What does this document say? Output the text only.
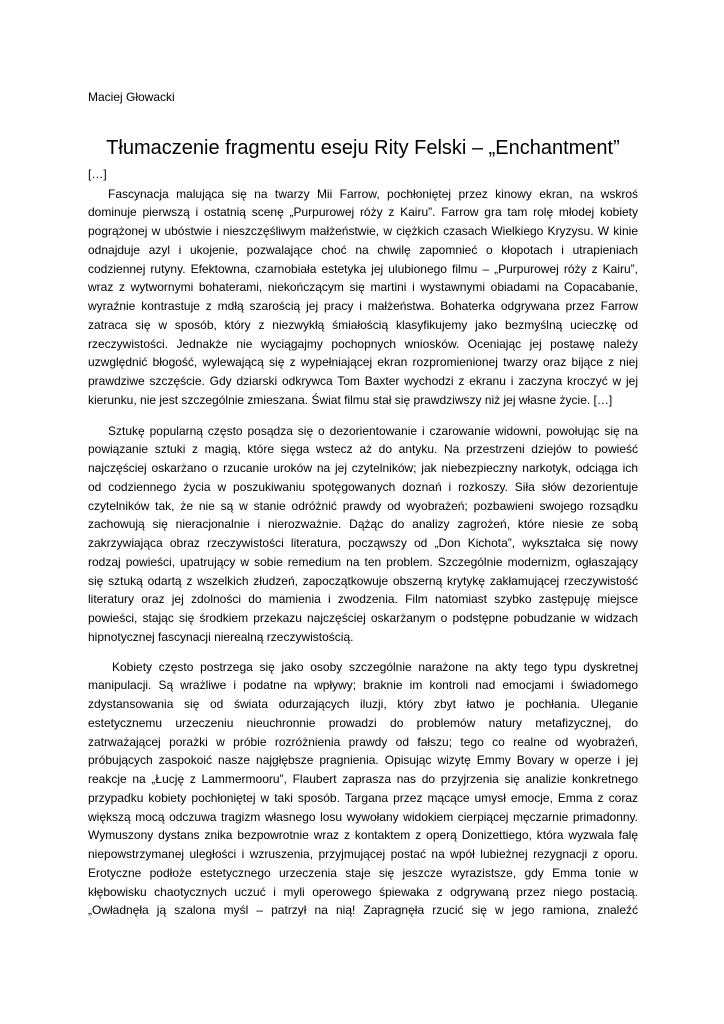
Maciej Głowacki

Tłumaczenie fragmentu eseju Rity Felski – „Enchantment”

[…]

Fascynacja malująca się na twarzy Mii Farrow, pochłoniętej przez kinowy ekran, na wskroś
dominuje pierwszą i ostatnią scenę „Purpurowej róży z Kairu”. Farrow gra tam rolę młodej kobiety
pogrążonej w ubóstwie i nieszczęśliwym małżeństwie, w ciężkich czasach Wielkiego Kryzysu. W kinie
odnajduje azyl i ukojenie, pozwalające choć na chwilę zapomnieć o kłopotach i utrapieniach
codziennej rutyny. Efektowna, czarnobiała estetyka jej ulubionego filmu – „Purpurowej róży z Kairu”,
wraz z wytwornymi bohaterami, niekończącym się martini i wystawnymi obiadami na Copacabanie,
wyraźnie kontrastuje z mdłą szarością jej pracy i małżeństwa. Bohaterka odgrywana przez Farrow
zatraca się w sposób, który z niezwykłą śmiałością klasyfikujemy jako bezmyślną ucieczkę od
rzeczywistości. Jednakże nie wyciągajmy pochopnych wniosków. Oceniając jej postawę należy
uzwględnić błogość, wylewającą się z wypełniającej ekran rozpromienionej twarzy oraz bijące z niej
prawdziwe szczęście. Gdy dziarski odkrywca Tom Baxter wychodzi z ekranu i zaczyna kroczyć w jej
kierunku, nie jest szczególnie zmieszana. Świat filmu stał się prawdziwszy niż jej własne życie. […]
Sztukę popularną często posądza się o dezorientowanie i czarowanie widowni, powołując się na
powiązanie sztuki z magią, które sięga wstecz aż do antyku. Na przestrzeni dziejów to powieść
najczęściej oskarżano o rzucanie uroków na jej czytelników; jak niebezpieczny narkotyk, odciąga ich
od codziennego życia w poszukiwaniu spotęgowanych doznań i rozkoszy. Siła słów dezorientuje
czytelników tak, że nie są w stanie odróżnić prawdy od wyobrażeń; pozbawieni swojego rozsądku
zachowują się nieracjonalnie i nierozważnie. Dążąc do analizy zagrożeń, które niesie ze sobą
zakrzywiająca obraz rzeczywistości literatura, począwszy od „Don Kichota”, wykształca się nowy
rodzaj powieści, upatrujący w sobie remedium na ten problem. Szczególnie modernizm, ogłaszający
się sztuką odartą z wszelkich złudzeń, zapoczątkowuje obszerną krytykę zakłamującej rzeczywistość
literatury oraz jej zdolności do mamienia i zwodzenia. Film natomiast szybko zastępuję miejsce
powieści, stając się środkiem przekazu najczęściej oskarżanym o podstępne pobudzanie w widzach
hipnotycznej fascynacji nierealną rzeczywistością.
Kobiety często postrzega się jako osoby szczególnie narażone na akty tego typu dyskretnej
manipulacji. Są wrażliwe i podatne na wpływy; braknie im kontroli nad emocjami i świadomego
zdystansowania się od świata odurzających iluzji, który zbyt łatwo je pochłania. Uleganie
estetycznemu urzeczeniu nieuchronnie prowadzi do problemów natury metafizycznej, do
zatrważającej porażki w próbie rozróżnienia prawdy od fałszu; tego co realne od wyobrażeń,
próbujących zaspokoić nasze najgłębsze pragnienia. Opisując wizytę Emmy Bovary w operze i jej
reakcje na „Łucję z Lammermooru”, Flaubert zaprasza nas do przyjrzenia się analizie konkretnego
przypadku kobiety pochłoniętej w taki sposób. Targana przez mącące umysł emocje, Emma z coraz
większą mocą odczuwa tragizm własnego losu wywołany widokiem cierpiącej męczarnie primadonny.
Wymuszony dystans znika bezpowrotnie wraz z kontaktem z operą Donizettiego, która wyzwala falę
niepowstrzymanej uległości i wzruszenia, przyjmującej postać na wpół lubieżnej rezygnacji z oporu.
Erotyczne podłoże estetycznego urzeczenia staje się jeszcze wyrazistsze, gdy Emma tonie w
kłębowisku chaotycznych uczuć i myli operowego śpiewaka z odgrywaną przez niego postacią.
„Owładnęła ją szalona myśl – patrzył na nią! Zapragnęła rzucić się w jego ramiona, znaleźć
